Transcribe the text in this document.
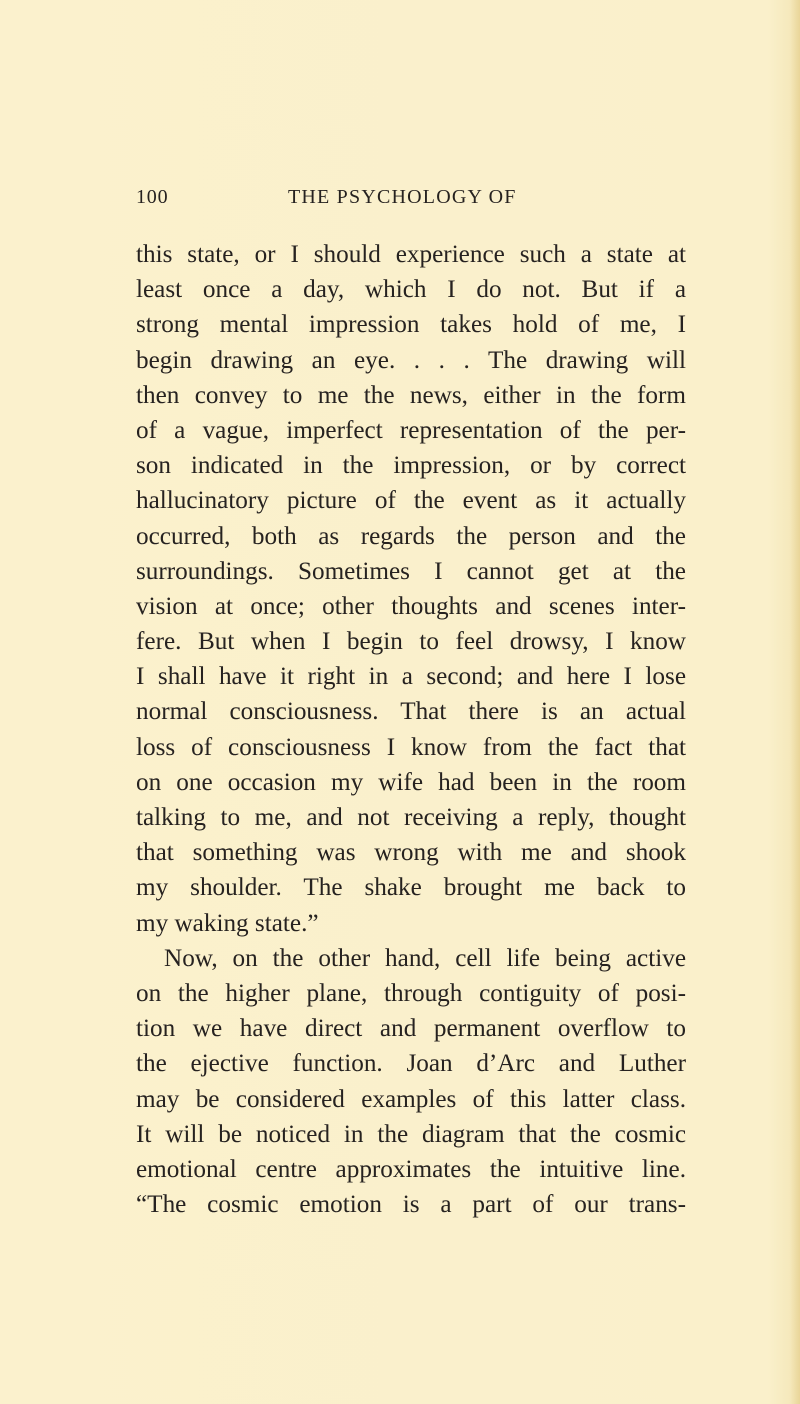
100	THE PSYCHOLOGY OF
this state, or I should experience such a state at
least once a day, which I do not. But if a
strong mental impression takes hold of me, I
begin drawing an eye. . . . The drawing will
then convey to me the news, either in the form
of a vague, imperfect representation of the per-
son indicated in the impression, or by correct
hallucinatory picture of the event as it actually
occurred, both as regards the person and the
surroundings. Sometimes I cannot get at the
vision at once; other thoughts and scenes inter-
fere. But when I begin to feel drowsy, I know
I shall have it right in a second; and here I lose
normal consciousness. That there is an actual
loss of consciousness I know from the fact that
on one occasion my wife had been in the room
talking to me, and not receiving a reply, thought
that something was wrong with me and shook
my shoulder. The shake brought me back to
my waking state.”
Now, on the other hand, cell life being active
on the higher plane, through contiguity of posi-
tion we have direct and permanent overflow to
the ejective function. Joan d’Arc and Luther
may be considered examples of this latter class.
It will be noticed in the diagram that the cosmic
emotional centre approximates the intuitive line.
“The cosmic emotion is a part of our trans-
